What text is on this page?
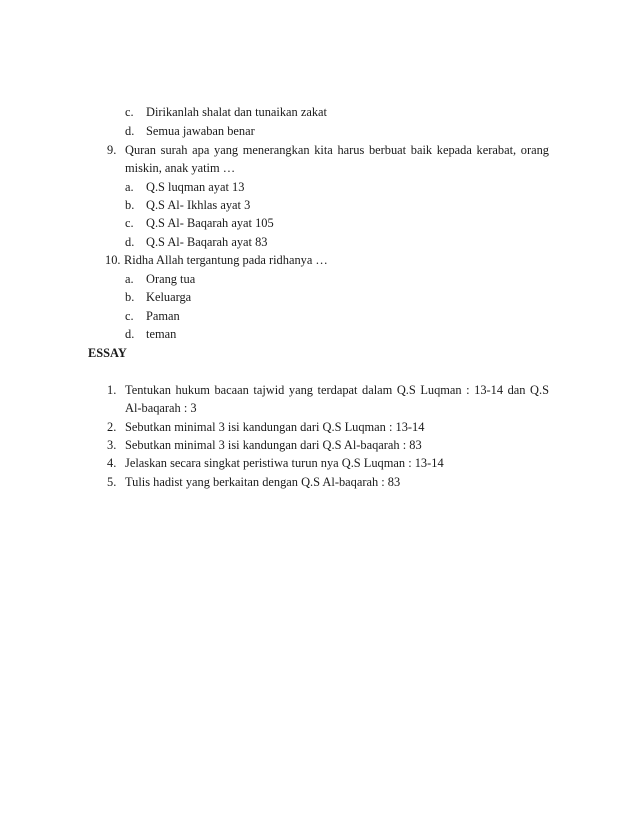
c. Dirikanlah shalat dan tunaikan zakat
d. Semua jawaban benar
9. Quran surah apa yang menerangkan kita harus berbuat baik kepada kerabat, orang
miskin, anak yatim …
a. Q.S luqman ayat 13
b. Q.S Al- Ikhlas ayat 3
c. Q.S Al- Baqarah ayat 105
d. Q.S Al- Baqarah ayat 83
10. Ridha Allah tergantung pada ridhanya …
a. Orang tua
b. Keluarga
c. Paman
d. teman
ESSAY
1. Tentukan hukum bacaan tajwid yang terdapat dalam Q.S Luqman : 13-14 dan Q.S
Al-baqarah : 3
2. Sebutkan minimal 3 isi kandungan dari Q.S Luqman : 13-14
3. Sebutkan minimal 3 isi kandungan dari Q.S Al-baqarah : 83
4. Jelaskan secara singkat peristiwa turun nya Q.S Luqman : 13-14
5. Tulis hadist yang berkaitan dengan Q.S Al-baqarah : 83
